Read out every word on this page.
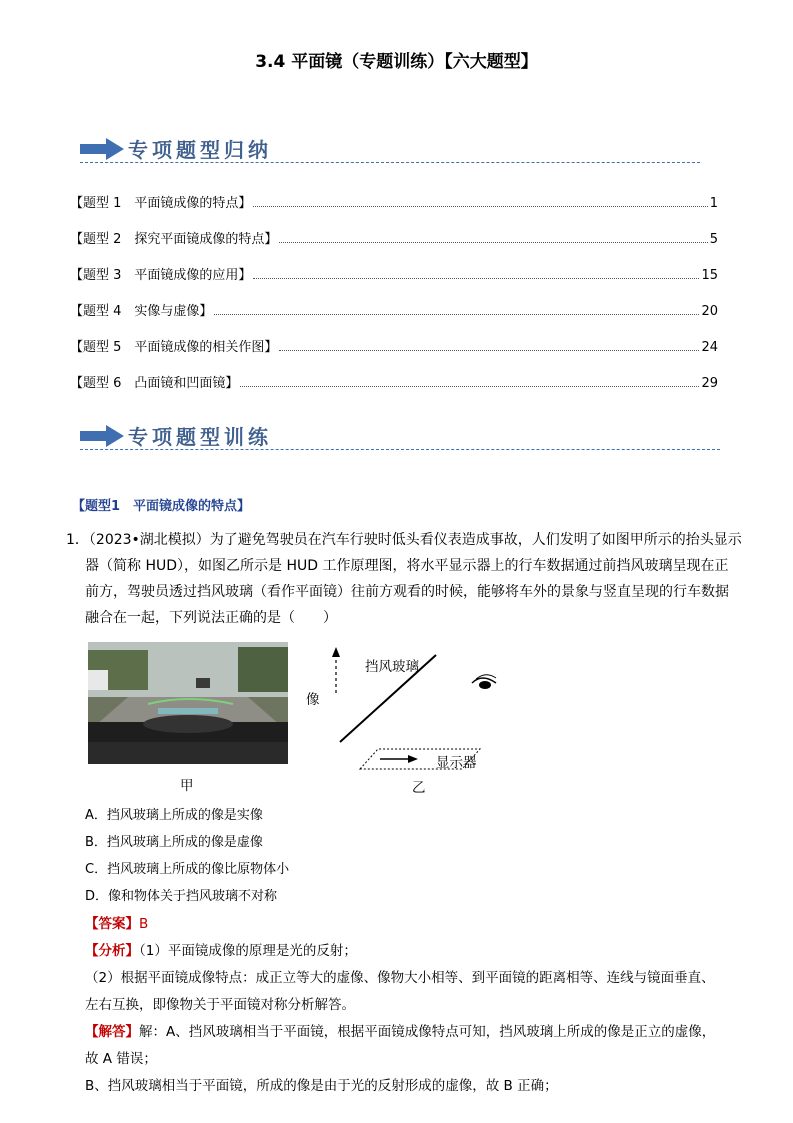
3.4 平面镜（专题训练）【六大题型】
专项题型归纳
【题型 1　平面镜成像的特点】	1
【题型 2　探究平面镜成像的特点】	5
【题型 3　平面镜成像的应用】	15
【题型 4　实像与虚像】	20
【题型 5　平面镜成像的相关作图】	24
【题型 6　凸面镜和凹面镜】	29
专项题型训练
【题型1　平面镜成像的特点】
1．（2023•湖北模拟）为了避免驾驶员在汽车行驶时低头看仪表造成事故，人们发明了如图甲所示的抬头显示
器（简称 HUD），如图乙所示是 HUD 工作原理图，将水平显示器上的行车数据通过前挡风玻璃呈现在正
前方，驾驶员透过挡风玻璃（看作平面镜）往前方观看的时候，能够将车外的景象与竖直呈现的行车数据
融合在一起，下列说法正确的是（　　）
甲
挡风玻璃
像
显示器
乙
A．挡风玻璃上所成的像是实像
B．挡风玻璃上所成的像是虚像
C．挡风玻璃上所成的像比原物体小
D．像和物体关于挡风玻璃不对称
【答案】B
【分析】（1）平面镜成像的原理是光的反射；
（2）根据平面镜成像特点：成正立等大的虚像、像物大小相等、到平面镜的距离相等、连线与镜面垂直、
左右互换，即像物关于平面镜对称分析解答。
【解答】解：A、挡风玻璃相当于平面镜，根据平面镜成像特点可知，挡风玻璃上所成的像是正立的虚像，
故 A 错误；
B、挡风玻璃相当于平面镜，所成的像是由于光的反射形成的虚像，故 B 正确；
